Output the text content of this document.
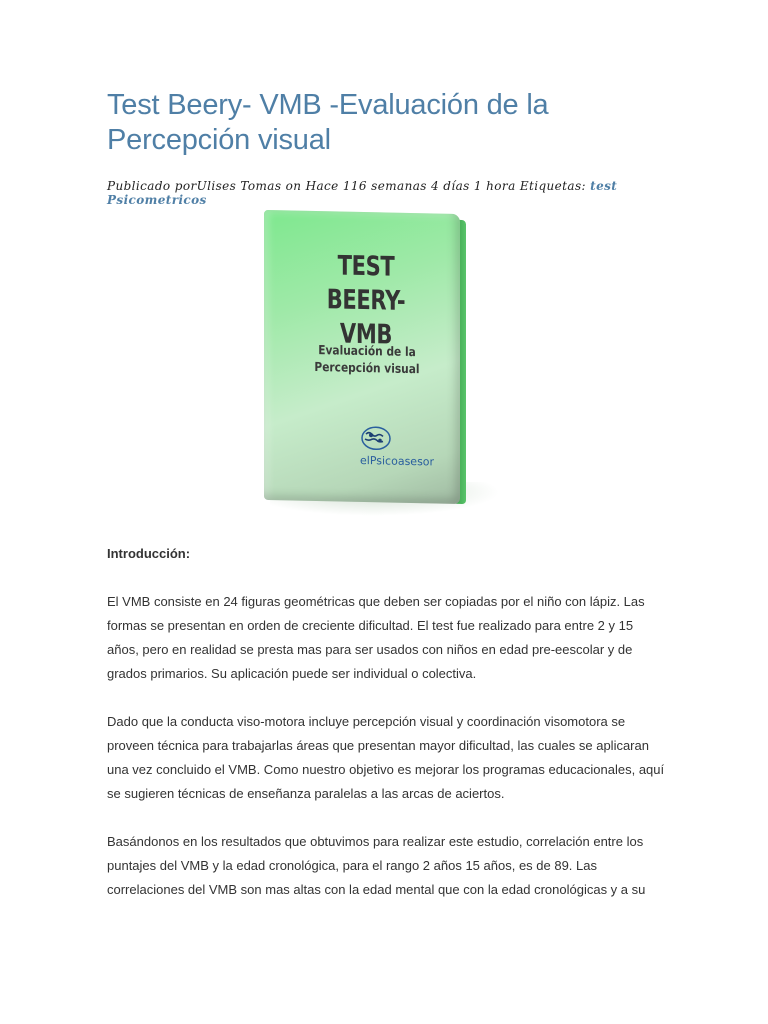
Test Beery- VMB -Evaluación de la Percepción visual
Publicado porUlises Tomas on Hace 116 semanas 4 días 1 hora Etiquetas: test Psicometricos
TEST BEERY- VMB
Evaluación de la Percepción visual
elPsicoasesor
Introducción:

El VMB consiste en 24 figuras geométricas que deben ser copiadas por el niño con lápiz. Las formas se presentan en orden de creciente dificultad. El test fue realizado para entre 2 y 15 años, pero en realidad se presta mas para ser usados con niños en edad pre-eescolar y de grados primarios. Su aplicación puede ser individual o colectiva.

Dado que la conducta viso-motora incluye percepción visual y coordinación visomotora se proveen técnica para trabajarlas áreas que presentan mayor dificultad, las cuales se aplicaran una vez concluido el VMB. Como nuestro objetivo es mejorar los programas educacionales, aquí se sugieren técnicas de enseñanza paralelas a las arcas de aciertos.

Basándonos en los resultados que obtuvimos para realizar este estudio, correlación entre los puntajes del VMB y la edad cronológica, para el rango 2 años 15 años, es de 89. Las correlaciones del VMB son mas altas con la edad mental que con la edad cronológicas y a su
